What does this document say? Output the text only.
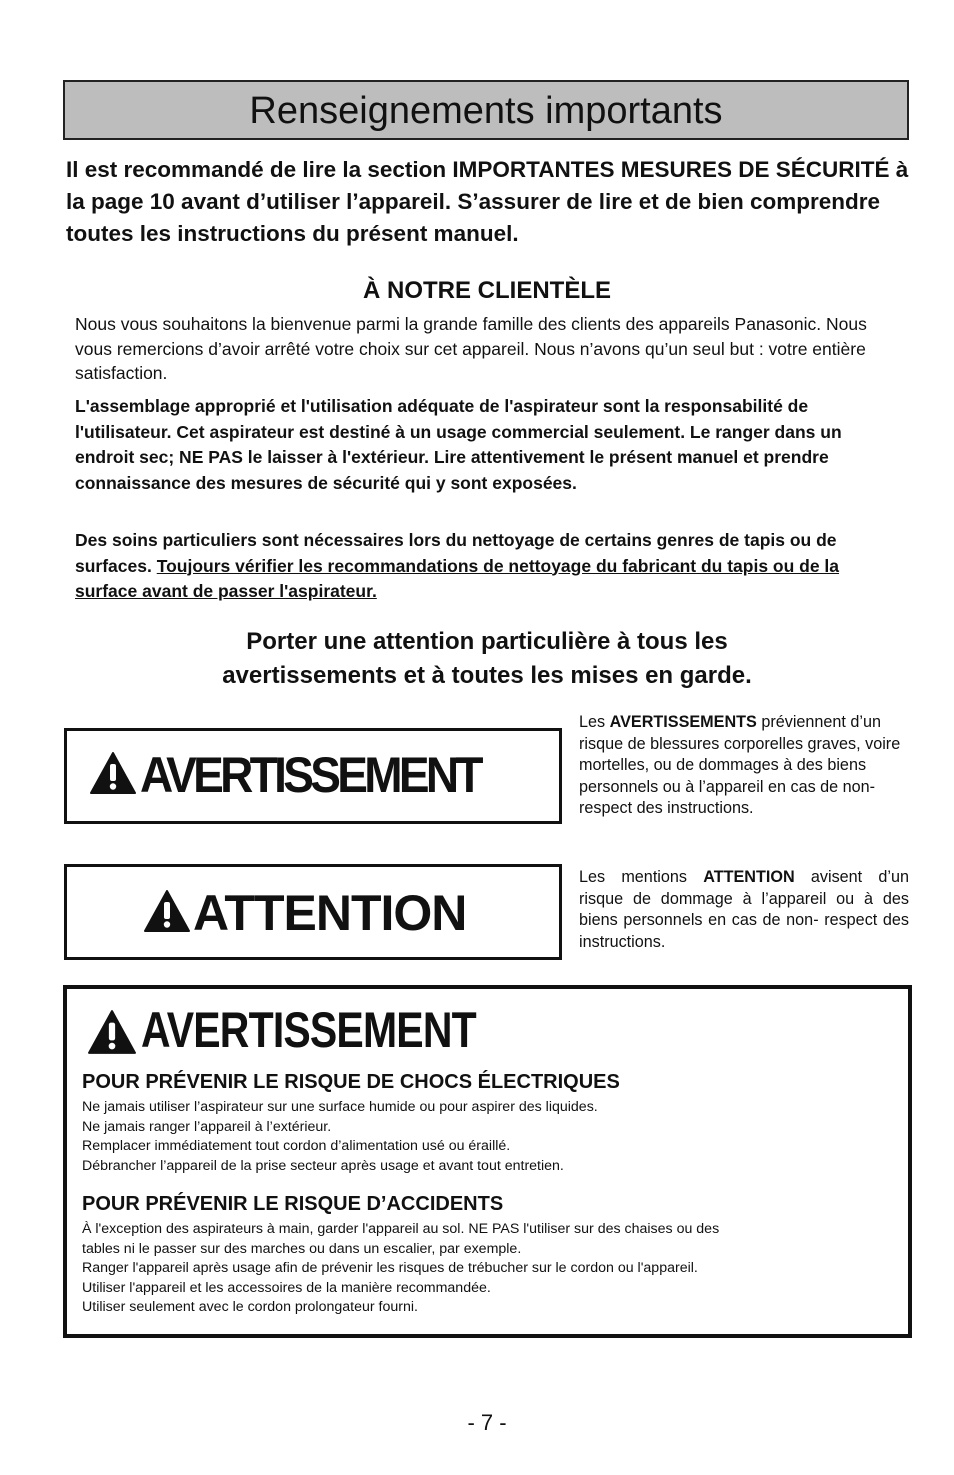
Renseignements importants
Il est recommandé de lire la section IMPORTANTES MESURES DE SÉCURITÉ à la page 10 avant d’utiliser l’appareil. S’assurer de lire et de bien comprendre toutes les instructions du présent manuel.
À NOTRE CLIENTÈLE
Nous vous souhaitons la bienvenue parmi la grande famille des clients des appareils Panasonic. Nous vous remercions d’avoir arrêté votre choix sur cet appareil. Nous n’avons qu’un seul but : votre entière satisfaction.
L'assemblage approprié et l'utilisation adéquate de l'aspirateur sont la responsabilité de l'utilisateur. Cet aspirateur est destiné à un usage commercial seulement. Le ranger dans un endroit sec; NE PAS le laisser à l'extérieur. Lire attentivement le présent manuel et prendre connaissance des mesures de sécurité qui y sont exposées.
Des soins particuliers sont nécessaires lors du nettoyage de certains genres de tapis ou de surfaces. Toujours vérifier les recommandations de nettoyage du fabricant du tapis ou de la surface avant de passer l'aspirateur.
Porter une attention particulière à tous les
avertissements et à toutes les mises en garde.
AVERTISSEMENT
Les AVERTISSEMENTS préviennent d’un risque de blessures corporelles graves, voire mortelles, ou de dommages à des biens personnels ou à l’appareil en cas de non-respect des instructions.
ATTENTION
Les mentions ATTENTION avisent d’un risque de dommage à l’appareil ou à des biens personnels en cas de non- respect des instructions.
AVERTISSEMENT
POUR PRÉVENIR LE RISQUE DE CHOCS ÉLECTRIQUES
Ne jamais utiliser l’aspirateur sur une surface humide ou pour aspirer des liquides.
Ne jamais ranger l’appareil à l’extérieur.
Remplacer immédiatement tout cordon d’alimentation usé ou éraillé.
Débrancher l’appareil de la prise secteur après usage et avant tout entretien.
POUR PRÉVENIR LE RISQUE D’ACCIDENTS
À l'exception des aspirateurs à main, garder l'appareil au sol. NE PAS l'utiliser sur des chaises ou des
tables ni le passer sur des marches ou dans un escalier, par exemple.
Ranger l'appareil après usage afin de prévenir les risques de trébucher sur le cordon ou l'appareil.
Utiliser l'appareil et les accessoires de la manière recommandée.
Utiliser seulement avec le cordon prolongateur fourni.
- 7 -
